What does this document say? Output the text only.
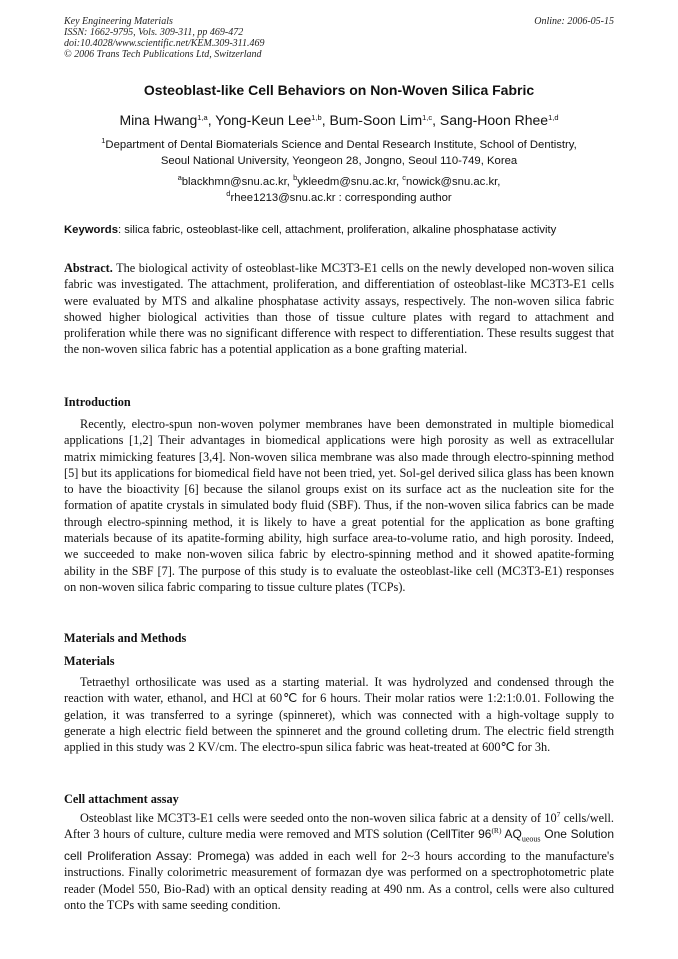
Key Engineering Materials
ISSN: 1662-9795, Vols. 309-311, pp 469-472
doi:10.4028/www.scientific.net/KEM.309-311.469
© 2006 Trans Tech Publications Ltd, Switzerland
Online: 2006-05-15
Osteoblast-like Cell Behaviors on Non-Woven Silica Fabric
Mina Hwang$^{1,a}$, Yong-Keun Lee$^{1,b}$, Bum-Soon Lim$^{1,c}$, Sang-Hoon Rhee$^{1,d}$
$^1$Department of Dental Biomaterials Science and Dental Research Institute, School of Dentistry,
Seoul National University, Yeongeon 28, Jongno, Seoul 110-749, Korea
$^a$blackhmn@snu.ac.kr, $^b$ykleedm@snu.ac.kr, $^c$nowick@snu.ac.kr,
$^d$rhee1213@snu.ac.kr : corresponding author
Keywords: silica fabric, osteoblast-like cell, attachment, proliferation, alkaline phosphatase activity
Abstract. The biological activity of osteoblast-like MC3T3-E1 cells on the newly developed non-woven silica fabric was investigated. The attachment, proliferation, and differentiation of osteoblast-like MC3T3-E1 cells were evaluated by MTS and alkaline phosphatase activity assays, respectively. The non-woven silica fabric showed higher biological activities than those of tissue culture plates with regard to attachment and proliferation while there was no significant difference with respect to differentiation. These results suggest that the non-woven silica fabric has a potential application as a bone grafting material.
Introduction
Recently, electro-spun non-woven polymer membranes have been demonstrated in multiple biomedical applications [1,2] Their advantages in biomedical applications were high porosity as well as extracellular matrix mimicking features [3,4]. Non-woven silica membrane was also made through electro-spinning method [5] but its applications for biomedical field have not been tried, yet. Sol-gel derived silica glass has been known to have the bioactivity [6] because the silanol groups exist on its surface act as the nucleation site for the formation of apatite crystals in simulated body fluid (SBF). Thus, if the non-woven silica fabrics can be made through electro-spinning method, it is likely to have a great potential for the application as bone grafting materials because of its apatite-forming ability, high surface area-to-volume ratio, and high porosity. Indeed, we succeeded to make non-woven silica fabric by electro-spinning method and it showed apatite-forming ability in the SBF [7]. The purpose of this study is to evaluate the osteoblast-like cell (MC3T3-E1) responses on non-woven silica fabric comparing to tissue culture plates (TCPs).
Materials and Methods
Materials
Tetraethyl orthosilicate was used as a starting material. It was hydrolyzed and condensed through the reaction with water, ethanol, and HCl at 60℃ for 6 hours. Their molar ratios were 1:2:1:0.01. Following the gelation, it was transferred to a syringe (spinneret), which was connected with a high-voltage supply to generate a high electric field between the spinneret and the ground colleting drum. The electric field strength applied in this study was 2 KV/cm. The electro-spun silica fabric was heat-treated at 600℃ for 3h.
Cell attachment assay
Osteoblast like MC3T3-E1 cells were seeded onto the non-woven silica fabric at a density of $10^7$ cells/well. After 3 hours of culture, culture media were removed and MTS solution (CellTiter $96^{(R)}$ $AQ_{ueous}$ One Solution cell Proliferation Assay: Promega) was added in each well for 2~3 hours according to the manufacture's instructions. Finally colorimetric measurement of formazan dye was performed on a spectrophotometric plate reader (Model 550, Bio-Rad) with an optical density reading at 490 nm. As a control, cells were also cultured onto the TCPs with same seeding condition.
